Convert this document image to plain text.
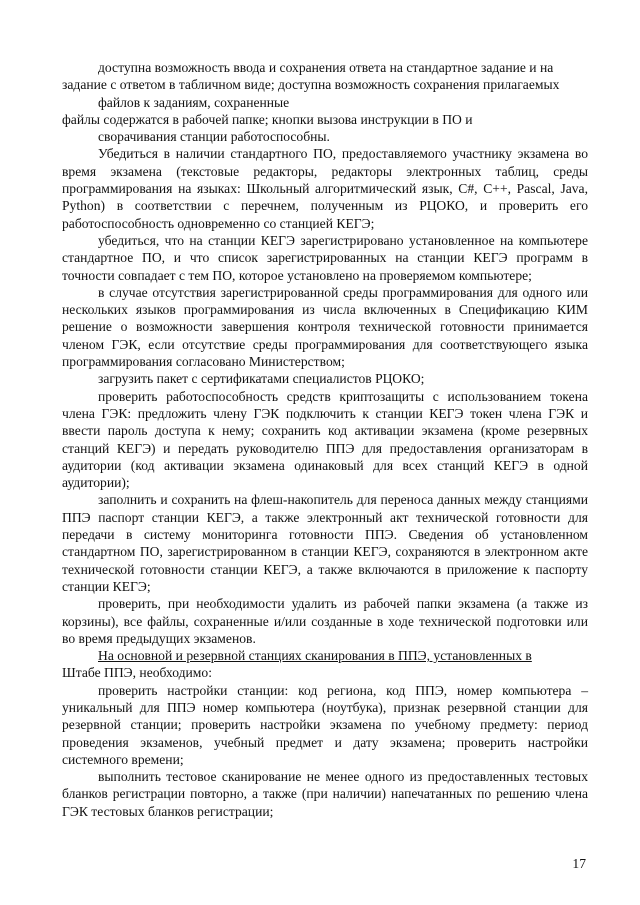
доступна возможность ввода и сохранения ответа на стандартное задание и на

задание с ответом в табличном виде; доступна возможность сохранения прилагаемых

файлов к заданиям, сохраненные

файлы содержатся в рабочей папке; кнопки вызова инструкции в ПО и

сворачивания станции работоспособны.

Убедиться в наличии стандартного ПО, предоставляемого участнику экзамена во время экзамена (текстовые редакторы, редакторы электронных таблиц, среды программирования на языках: Школьный алгоритмический язык, C#, C++, Pascal, Java, Python) в соответствии с перечнем, полученным из РЦОКО, и проверить его работоспособность одновременно со станцией КЕГЭ;

убедиться, что на станции КЕГЭ зарегистрировано установленное на компьютере стандартное ПО, и что список зарегистрированных на станции КЕГЭ программ в точности совпадает с тем ПО, которое установлено на проверяемом компьютере;

в случае отсутствия зарегистрированной среды программирования для одного или нескольких языков программирования из числа включенных в Спецификацию КИМ решение о возможности завершения контроля технической готовности принимается членом ГЭК, если отсутствие среды программирования для соответствующего языка программирования согласовано Министерством;

загрузить пакет с сертификатами специалистов РЦОКО;

проверить работоспособность средств криптозащиты с использованием токена члена ГЭК: предложить члену ГЭК подключить к станции КЕГЭ токен члена ГЭК и ввести пароль доступа к нему; сохранить код активации экзамена (кроме резервных станций КЕГЭ) и передать руководителю ППЭ для предоставления организаторам в аудитории (код активации экзамена одинаковый для всех станций КЕГЭ в одной аудитории);

заполнить и сохранить на флеш-накопитель для переноса данных между станциями ППЭ паспорт станции КЕГЭ, а также электронный акт технической готовности для передачи в систему мониторинга готовности ППЭ. Сведения об установленном стандартном ПО, зарегистрированном в станции КЕГЭ, сохраняются в электронном акте технической готовности станции КЕГЭ, а также включаются в приложение к паспорту станции КЕГЭ;

проверить, при необходимости удалить из рабочей папки экзамена (а также из корзины), все файлы, сохраненные и/или созданные в ходе технической подготовки или во время предыдущих экзаменов.

На основной и резервной станциях сканирования в ППЭ, установленных в

Штабе ППЭ, необходимо:

проверить настройки станции: код региона, код ППЭ, номер компьютера – уникальный для ППЭ номер компьютера (ноутбука), признак резервной станции для резервной станции; проверить настройки экзамена по учебному предмету: период проведения экзаменов, учебный предмет и дату экзамена; проверить настройки системного времени;

выполнить тестовое сканирование не менее одного из предоставленных тестовых бланков регистрации повторно, а также (при наличии) напечатанных по решению члена ГЭК тестовых бланков регистрации;

17
